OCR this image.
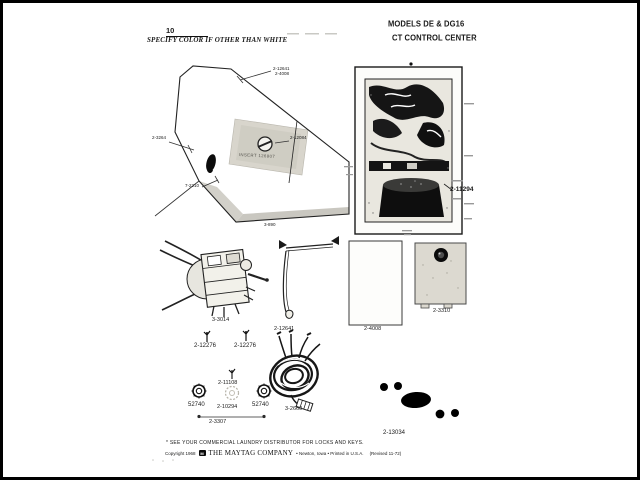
10
SPECIFY COLOR IF OTHER THAN WHITE
MODELS DE & DG16
CT CONTROL CENTER
2-12641
2-4008
2-3264	2-12084
INSERT 126807
7-2210
3-890
2-11294
3-3014
2-12641	2-4008
2-3310
2-12276	2-12276
2-11108
52740 2-10294 52740
2-3307
3-2660
2-13034
* SEE YOUR COMMERCIAL LAUNDRY DISTRIBUTOR FOR LOCKS AND KEYS.
Copyright 1968	M THE MAYTAG COMPANY • Newton, Iowa • Printed in U.S.A. (Revised 11-72)
